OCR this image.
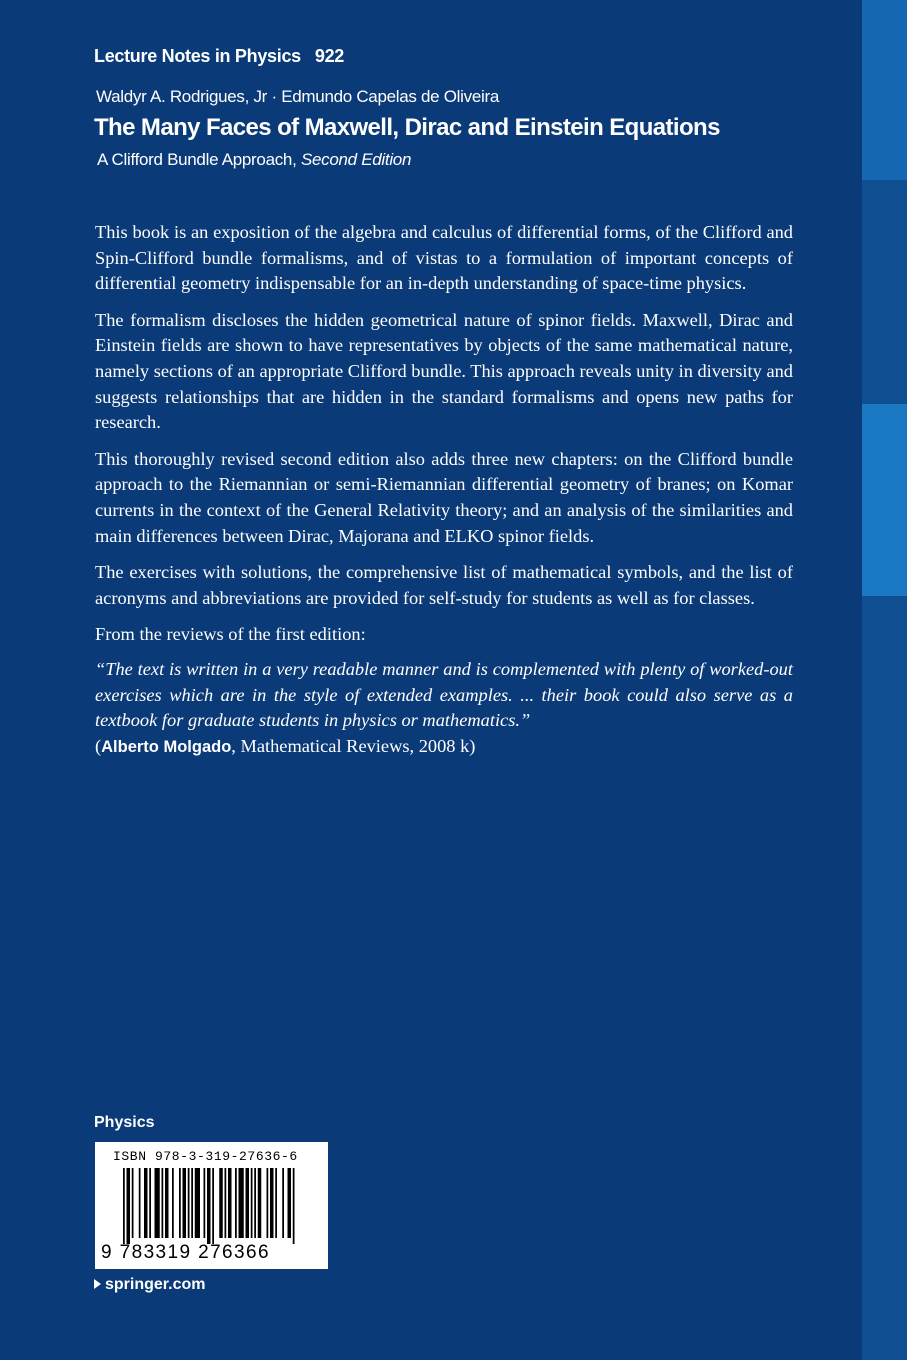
Lecture Notes in Physics 922
Waldyr A. Rodrigues, Jr · Edmundo Capelas de Oliveira
The Many Faces of Maxwell, Dirac and Einstein Equations
A Clifford Bundle Approach, Second Edition

This book is an exposition of the algebra and calculus of differential forms, of the Clifford and Spin-Clifford bundle formalisms, and of vistas to a formulation of important concepts of differential geometry indispensable for an in-depth understanding of space-time physics.

The formalism discloses the hidden geometrical nature of spinor fields. Maxwell, Dirac and Einstein fields are shown to have representatives by objects of the same mathematical nature, namely sections of an appropriate Clifford bundle. This approach reveals unity in diversity and suggests relationships that are hidden in the standard formalisms and opens new paths for research.

This thoroughly revised second edition also adds three new chapters: on the Clifford bundle approach to the Riemannian or semi-Riemannian differential geometry of branes; on Komar currents in the context of the General Relativity theory; and an analysis of the similarities and main differences between Dirac, Majorana and ELKO spinor fields.

The exercises with solutions, the comprehensive list of mathematical symbols, and the list of acronyms and abbreviations are provided for self-study for students as well as for classes.

From the reviews of the first edition:

“The text is written in a very readable manner and is complemented with plenty of worked-out exercises which are in the style of extended examples. ... their book could also serve as a textbook for graduate students in physics or mathematics.”

(Alberto Molgado, Mathematical Reviews, 2008 k)

Physics
ISBN 978-3-319-27636-6
9 783319 276366
springer.com
